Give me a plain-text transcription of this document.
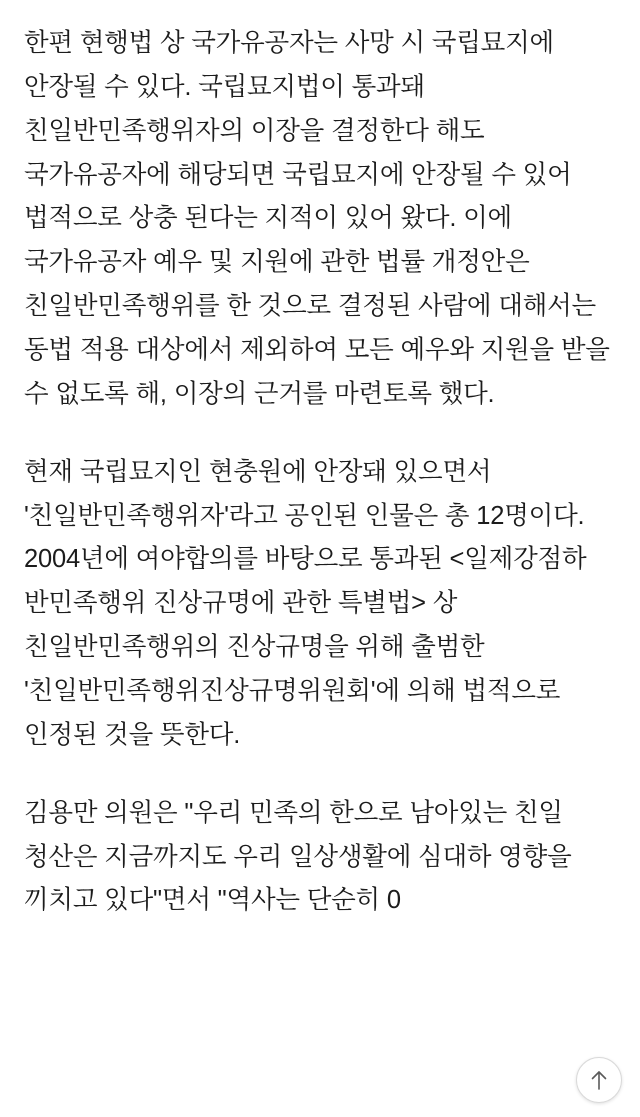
한편 현행법 상 국가유공자는 사망 시 국립묘지에 안장될 수 있다. 국립묘지법이 통과돼 친일반민족행위자의 이장을 결정한다 해도 국가유공자에 해당되면 국립묘지에 안장될 수 있어 법적으로 상충 된다는 지적이 있어 왔다. 이에 국가유공자 예우 및 지원에 관한 법률 개정안은 친일반민족행위를 한 것으로 결정된 사람에 대해서는 동법 적용 대상에서 제외하여 모든 예우와 지원을 받을 수 없도록 해, 이장의 근거를 마련토록 했다.

현재 국립묘지인 현충원에 안장돼 있으면서 '친일반민족행위자'라고 공인된 인물은 총 12명이다. 2004년에 여야합의를 바탕으로 통과된 <일제강점하 반민족행위 진상규명에 관한 특별법> 상 친일반민족행위의 진상규명을 위해 출범한 '친일반민족행위진상규명위원회'에 의해 법적으로 인정된 것을 뜻한다.

김용만 의원은 "우리 민족의 한으로 남아있는 친일 청산은 지금까지도 우리 일상생활에 심대하 영향을 끼치고 있다"면서 "역사는 단순히 0
